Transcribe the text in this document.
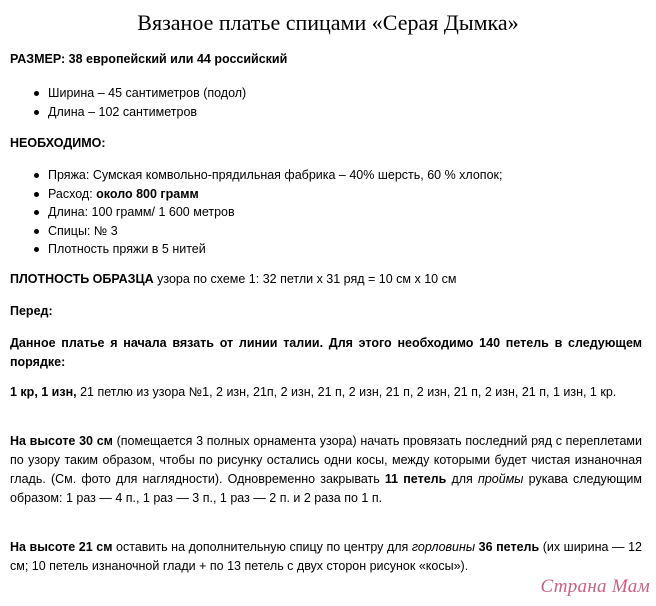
Вязаное платье спицами «Серая Дымка»
РАЗМЕР: 38 европейский или 44 российский
Ширина – 45 сантиметров (подол)
Длина – 102 сантиметров
НЕОБХОДИМО:
Пряжа: Сумская комвольно-прядильная фабрика – 40% шерсть, 60 % хлопок;
Расход: около 800 грамм
Длина: 100 грамм/ 1 600 метров
Спицы: № 3
Плотность пряжи в 5 нитей
ПЛОТНОСТЬ ОБРАЗЦА узора по схеме 1: 32 петли х 31 ряд = 10 см х 10 см
Перед:
Данное платье я начала вязать от линии талии. Для этого необходимо 140 петель в следующем порядке:
1 кр, 1 изн, 21 петлю из узора №1, 2 изн, 21п, 2 изн, 21 п, 2 изн, 21 п, 2 изн, 21 п, 2 изн, 21 п, 1 изн, 1 кр.
На высоте 30 см (помещается 3 полных орнамента узора) начать провязать последний ряд с переплетами по узору таким образом, чтобы по рисунку остались одни косы, между которыми будет чистая изнаночная гладь. (См. фото для наглядности). Одновременно закрывать 11 петель для проймы рукава следующим образом: 1 раз — 4 п., 1 раз — 3 п., 1 раз — 2 п. и 2 раза по 1 п.
На высоте 21 см оставить на дополнительную спицу по центру для горловины 36 петель (их ширина — 12 см; 10 петель изнаночной глади + по 13 петель с двух сторон рисунок «косы»).
Страна Мам
